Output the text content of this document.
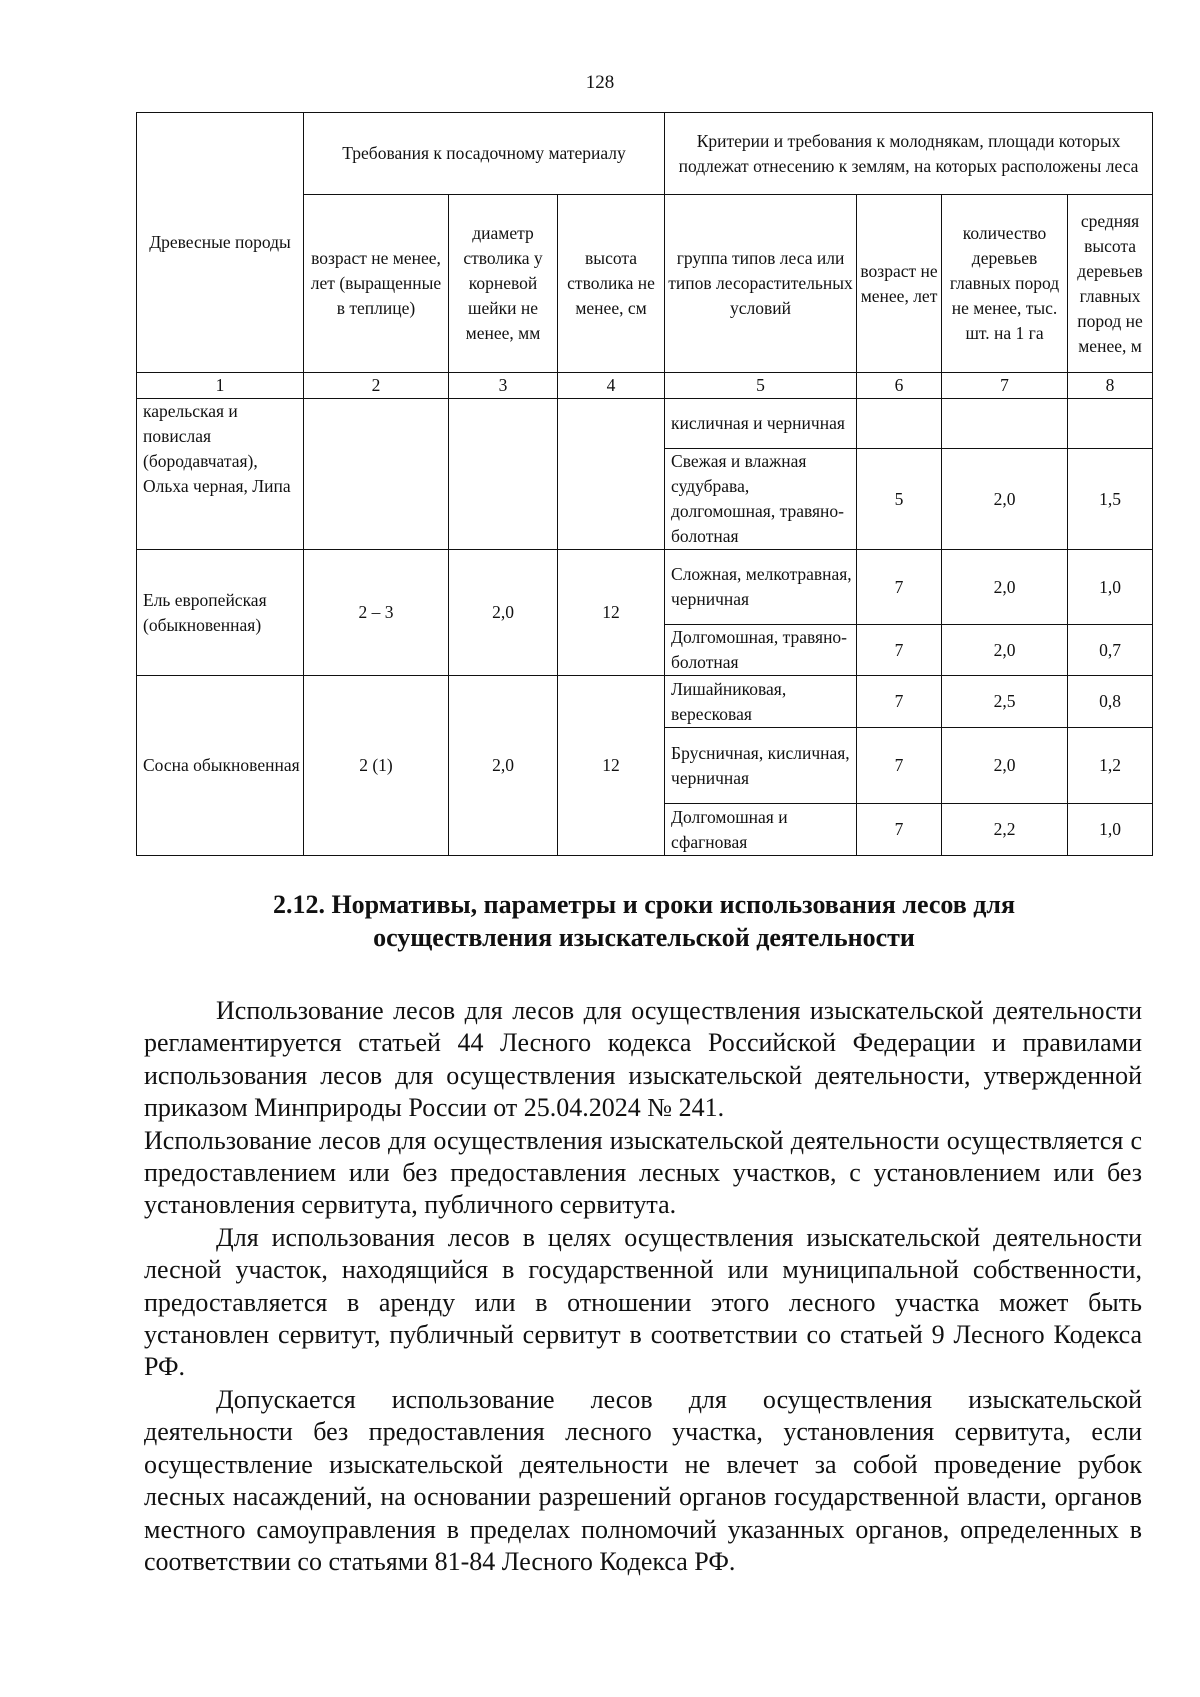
128
Древесные породы	Требования к посадочному материалу			Критерии и требования к молоднякам, площади которых подлежат отнесению к землям, на которых расположены леса			
	возраст не менее, лет (выращенные в теплице)	диаметр стволика у корневой шейки не менее, мм	высота стволика не менее, см	группа типов леса или типов лесорастительных условий	возраст не менее, лет	количество деревьев главных пород не менее, тыс. шт. на 1 га	средняя высота деревьев главных пород не менее, м
1	2	3	4	5	6	7	8
карельская и повислая (бородавчатая), Ольха черная, Липа				кисличная и черничная			
				Свежая и влажная судубрава, долгомошная, травяно-болотная	5	2,0	1,5
Ель европейская (обыкновенная)	2 – 3	2,0	12	Сложная, мелкотравная, черничная	7	2,0	1,0
				Долгомошная, травяно-болотная	7	2,0	0,7
Сосна обыкновенная	2 (1)	2,0	12	Лишайниковая, вересковая	7	2,5	0,8
				Брусничная, кисличная, черничная	7	2,0	1,2
				Долгомошная и сфагновая	7	2,2	1,0
2.12. Нормативы, параметры и сроки использования лесов для
осуществления изыскательской деятельности

Использование лесов для лесов для осуществления изыскательской деятельности регламентируется статьей 44 Лесного кодекса Российской Федерации и правилами использования лесов для осуществления изыскательской деятельности, утвержденной приказом Минприроды России от 25.04.2024 № 241.

Использование лесов для осуществления изыскательской деятельности осуществляется с предоставлением или без предоставления лесных участков, с установлением или без установления сервитута, публичного сервитута.

Для использования лесов в целях осуществления изыскательской деятельности лесной участок, находящийся в государственной или муниципальной собственности, предоставляется в аренду или в отношении этого лесного участка может быть установлен сервитут, публичный сервитут в соответствии со статьей 9 Лесного Кодекса РФ.

Допускается использование лесов для осуществления изыскательской деятельности без предоставления лесного участка, установления сервитута, если осуществление изыскательской деятельности не влечет за собой проведение рубок лесных насаждений, на основании разрешений органов государственной власти, органов местного самоуправления в пределах полномочий указанных органов, определенных в соответствии со статьями 81-84 Лесного Кодекса РФ.
